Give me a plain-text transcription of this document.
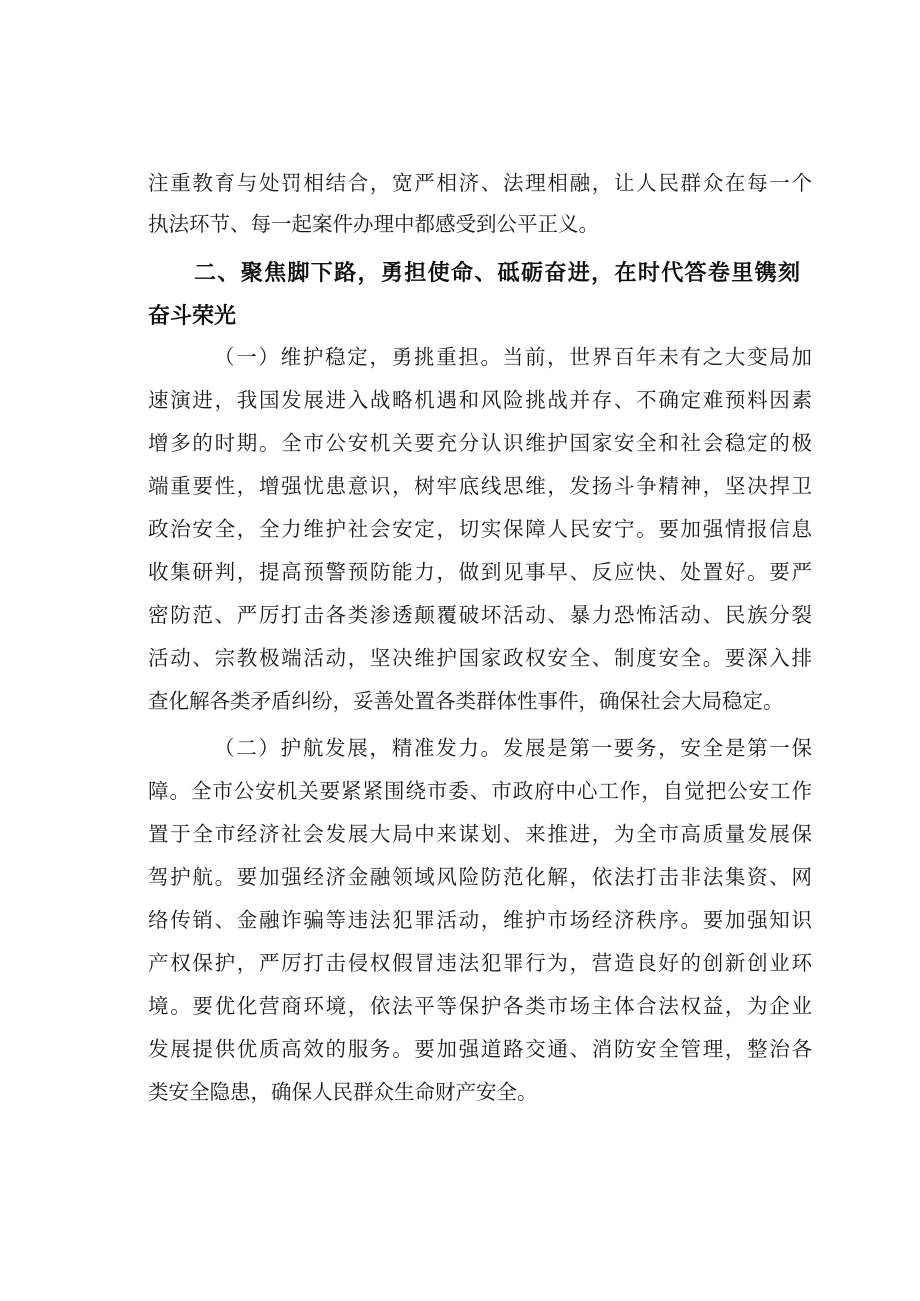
注重教育与处罚相结合，宽严相济、法理相融，让人民群众在每一个
执法环节、每一起案件办理中都感受到公平正义。
二、聚焦脚下路，勇担使命、砥砺奋进，在时代答卷里镌刻
奋斗荣光
（一）维护稳定，勇挑重担。当前，世界百年未有之大变局加
速演进，我国发展进入战略机遇和风险挑战并存、不确定难预料因素
增多的时期。全市公安机关要充分认识维护国家安全和社会稳定的极
端重要性，增强忧患意识，树牢底线思维，发扬斗争精神，坚决捍卫
政治安全，全力维护社会安定，切实保障人民安宁。要加强情报信息
收集研判，提高预警预防能力，做到见事早、反应快、处置好。要严
密防范、严厉打击各类渗透颠覆破坏活动、暴力恐怖活动、民族分裂
活动、宗教极端活动，坚决维护国家政权安全、制度安全。要深入排
查化解各类矛盾纠纷，妥善处置各类群体性事件，确保社会大局稳定。
（二）护航发展，精准发力。发展是第一要务，安全是第一保
障。全市公安机关要紧紧围绕市委、市政府中心工作，自觉把公安工作
置于全市经济社会发展大局中来谋划、来推进，为全市高质量发展保
驾护航。要加强经济金融领域风险防范化解，依法打击非法集资、网
络传销、金融诈骗等违法犯罪活动，维护市场经济秩序。要加强知识
产权保护，严厉打击侵权假冒违法犯罪行为，营造良好的创新创业环
境。要优化营商环境，依法平等保护各类市场主体合法权益，为企业
发展提供优质高效的服务。要加强道路交通、消防安全管理，整治各
类安全隐患，确保人民群众生命财产安全。
